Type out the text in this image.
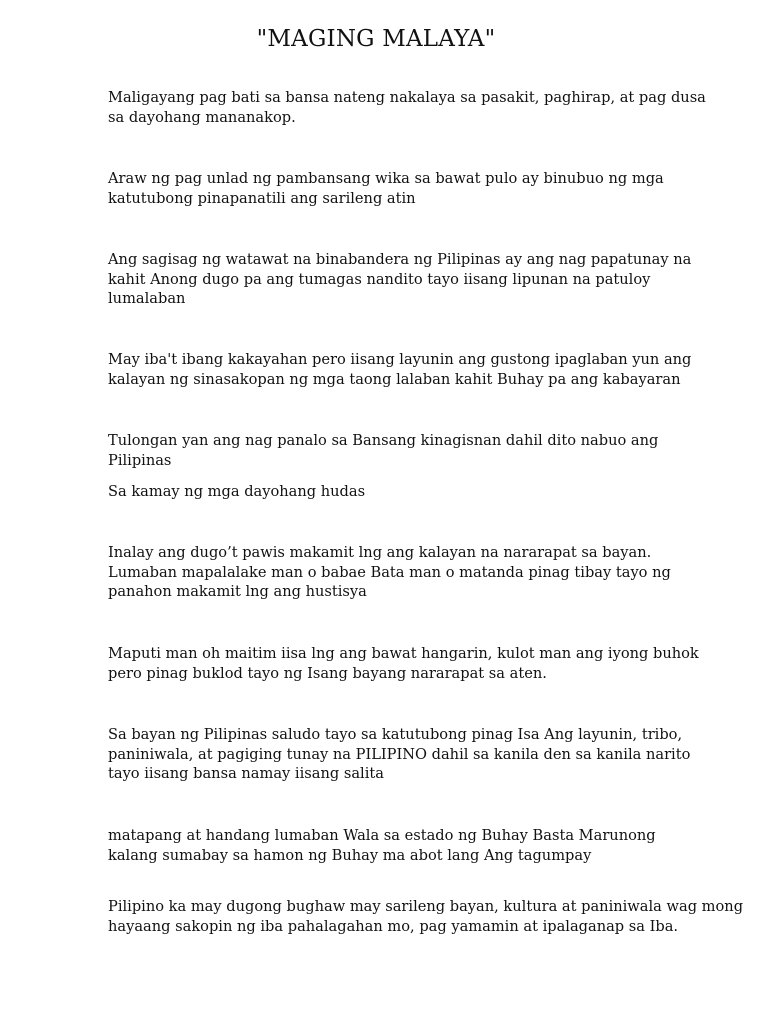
"MAGING MALAYA"

Maligayang pag bati sa bansa nateng nakalaya sa pasakit, paghirap, at pag dusa
sa dayohang mananakop.

Araw ng pag unlad ng pambansang wika sa bawat pulo ay binubuo ng mga
katutubong pinapanatili ang sarileng atin

Ang sagisag ng watawat na binabandera ng Pilipinas ay ang nag papatunay na
kahit Anong dugo pa ang tumagas nandito tayo iisang lipunan na patuloy
lumalaban

May iba't ibang kakayahan pero iisang layunin ang gustong ipaglaban yun ang
kalayan ng sinasakopan ng mga taong lalaban kahit Buhay pa ang kabayaran

Tulongan yan ang nag panalo sa Bansang kinagisnan dahil dito nabuo ang
Pilipinas

Sa kamay ng mga dayohang hudas

Inalay ang dugo’t pawis makamit lng ang kalayan na nararapat sa bayan.
Lumaban mapalalake man o babae Bata man o matanda pinag tibay tayo ng
panahon makamit lng ang hustisya

Maputi man oh maitim iisa lng ang bawat hangarin, kulot man ang iyong buhok
pero pinag buklod tayo ng Isang bayang nararapat sa aten.

Sa bayan ng Pilipinas saludo tayo sa katutubong pinag Isa Ang layunin, tribo,
paniniwala, at pagiging tunay na PILIPINO dahil sa kanila den sa kanila narito
tayo iisang bansa namay iisang salita

matapang at handang lumaban Wala sa estado ng Buhay Basta Marunong
kalang sumabay sa hamon ng Buhay ma abot lang Ang tagumpay

Pilipino ka may dugong bughaw may sarileng bayan, kultura at paniniwala wag mong
hayaang sakopin ng iba pahalagahan mo, pag yamamin at ipalaganap sa Iba.
